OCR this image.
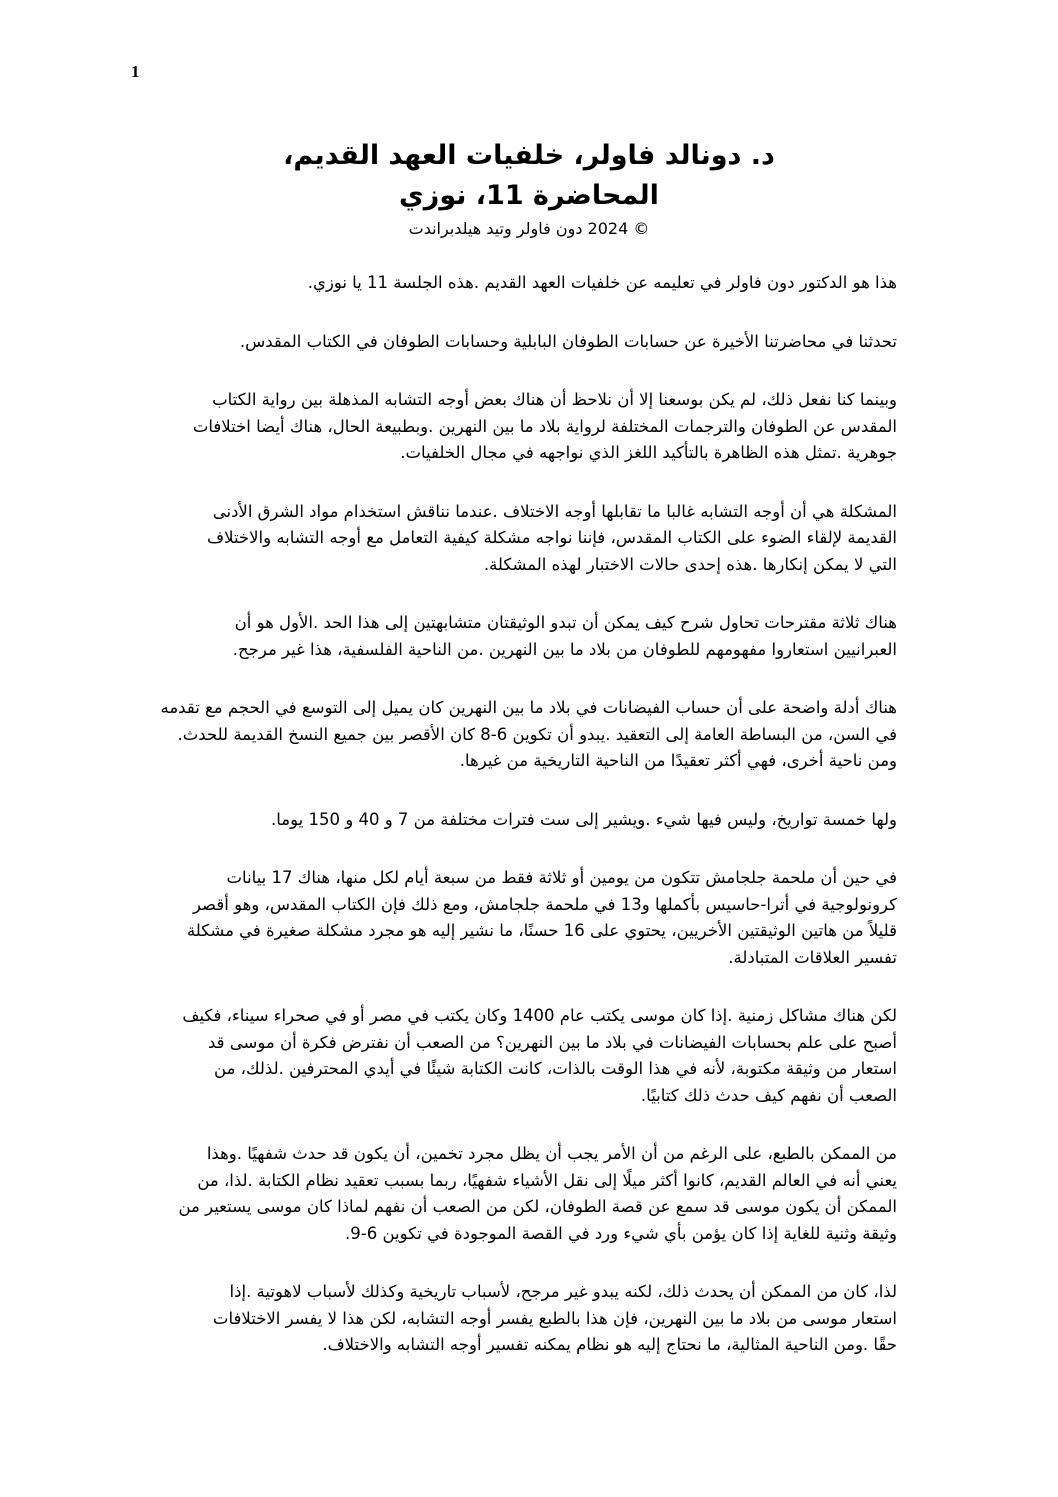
1
د. دونالد فاولر، خلفيات العهد القديم،
المحاضرة 11، نوزي
© 2024 دون فاولر وتيد هيلدبراندت

.هذا هو الدكتور دون فاولر في تعليمه عن خلفيات العهد القديم .هذه الجلسة 11 يا نوزي

.تحدثنا في محاضرتنا الأخيرة عن حسابات الطوفان البابلية وحسابات الطوفان في الكتاب المقدس

وبينما كنا نفعل ذلك، لم يكن بوسعنا إلا أن نلاحظ أن هناك بعض أوجه التشابه المذهلة بين رواية الكتاب

المقدس عن الطوفان والترجمات المختلفة لرواية بلاد ما بين النهرين .وبطبيعة الحال، هناك أيضا اختلافات

.جوهرية .تمثل هذه الظاهرة بالتأكيد اللغز الذي نواجهه في مجال الخلفيات

المشكلة هي أن أوجه التشابه غالبا ما تقابلها أوجه الاختلاف .عندما نناقش استخدام مواد الشرق الأدنى

القديمة لإلقاء الضوء على الكتاب المقدس، فإننا نواجه مشكلة كيفية التعامل مع أوجه التشابه والاختلاف

.التي لا يمكن إنكارها .هذه إحدى حالات الاختبار لهذه المشكلة

هناك ثلاثة مقترحات تحاول شرح كيف يمكن أن تبدو الوثيقتان متشابهتين إلى هذا الحد .الأول هو أن

.العبرانيين استعاروا مفهومهم للطوفان من بلاد ما بين النهرين .من الناحية الفلسفية، هذا غير مرجح

هناك أدلة واضحة على أن حساب الفيضانات في بلاد ما بين النهرين كان يميل إلى التوسع في الحجم مع تقدمه

.في السن، من البساطة العامة إلى التعقيد .يبدو أن تكوين 6-8 كان الأقصر بين جميع النسخ القديمة للحدث

.ومن ناحية أخرى، فهي أكثر تعقيدًا من الناحية التاريخية من غيرها

.ولها خمسة تواريخ، وليس فيها شيء .ويشير إلى ست فترات مختلفة من 7 و 40 و 150 يوما

في حين أن ملحمة جلجامش تتكون من يومين أو ثلاثة فقط من سبعة أيام لكل منها، هناك 17 بيانات

كرونولوجية في أترا-حاسيس بأكملها و13 في ملحمة جلجامش، ومع ذلك فإن الكتاب المقدس، وهو أقصر

قليلاً من هاتين الوثيقتين الأخريين، يحتوي على 16 حسنًا، ما نشير إليه هو مجرد مشكلة صغيرة في مشكلة

.تفسير العلاقات المتبادلة

لكن هناك مشاكل زمنية .إذا كان موسى يكتب عام 1400 وكان يكتب في مصر أو في صحراء سيناء، فكيف

أصبح على علم بحسابات الفيضانات في بلاد ما بين النهرين؟ من الصعب أن نفترض فكرة أن موسى قد

استعار من وثيقة مكتوبة، لأنه في هذا الوقت بالذات، كانت الكتابة شيئًا في أيدي المحترفين .لذلك، من

.الصعب أن نفهم كيف حدث ذلك كتابيًا

من الممكن بالطبع، على الرغم من أن الأمر يجب أن يظل مجرد تخمين، أن يكون قد حدث شفهيًا .وهذا

يعني أنه في العالم القديم، كانوا أكثر ميلًا إلى نقل الأشياء شفهيًا، ربما بسبب تعقيد نظام الكتابة .لذا، من

الممكن أن يكون موسى قد سمع عن قصة الطوفان، لكن من الصعب أن نفهم لماذا كان موسى يستعير من

.وثيقة وثنية للغاية إذا كان يؤمن بأي شيء ورد في القصة الموجودة في تكوين 6-9

لذا، كان من الممكن أن يحدث ذلك، لكنه يبدو غير مرجح، لأسباب تاريخية وكذلك لأسباب لاهوتية .إذا

استعار موسى من بلاد ما بين النهرين، فإن هذا بالطبع يفسر أوجه التشابه، لكن هذا لا يفسر الاختلافات

.حقًا .ومن الناحية المثالية، ما نحتاج إليه هو نظام يمكنه تفسير أوجه التشابه والاختلاف
